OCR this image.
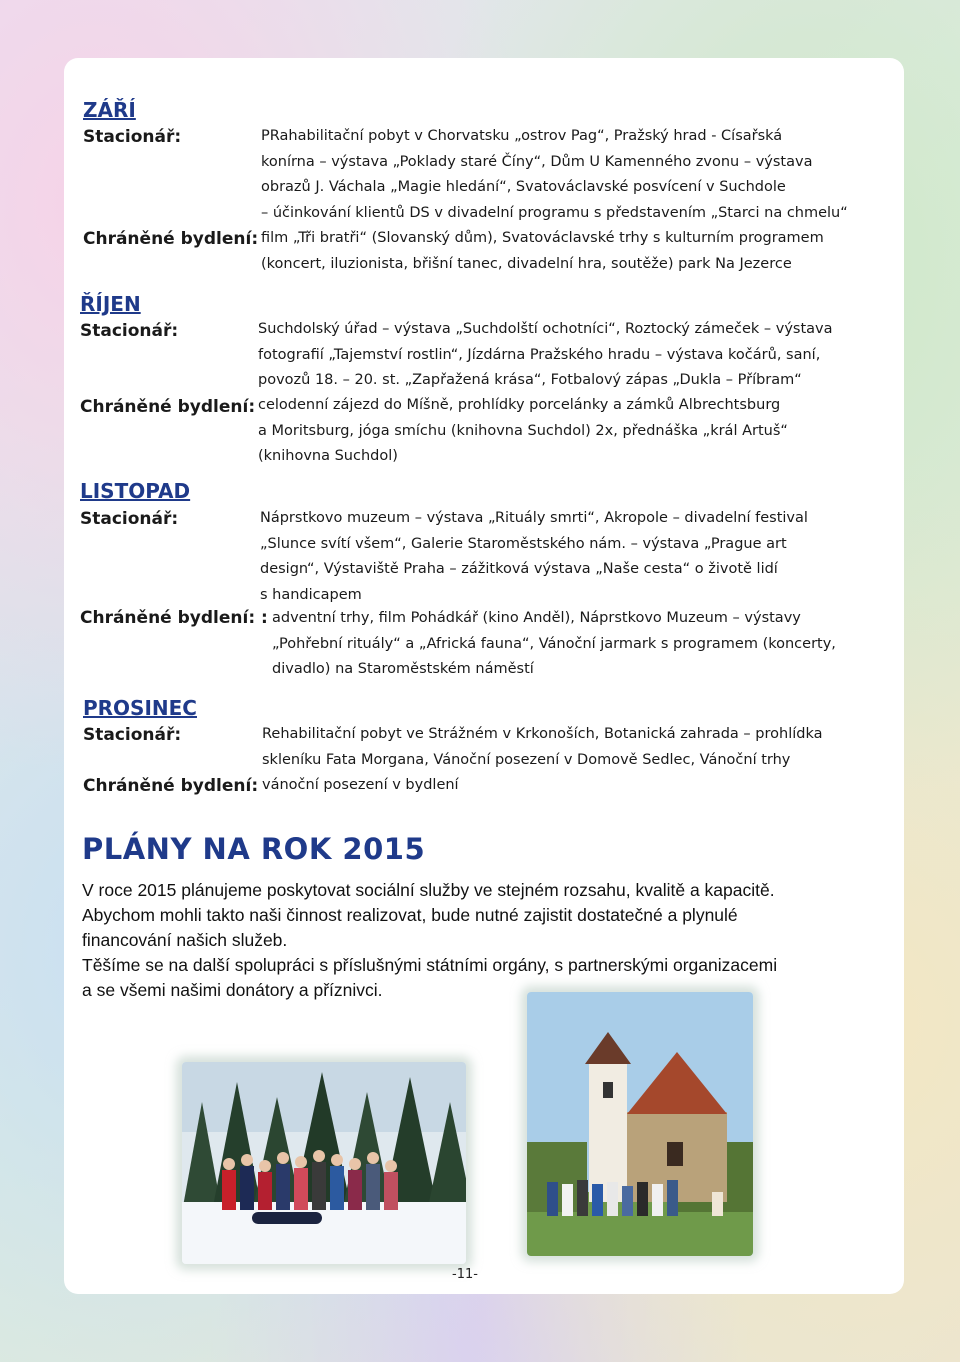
ZÁŘÍ
Stacionář:	PRahabilitační pobyt v Chorvatsku „ostrov Pag“, Pražský hrad - Císařská
konírna – výstava „Poklady staré Číny“, Dům U Kamenného zvonu – výstava
obrazů J. Váchala „Magie hledání“, Svatováclavské posvícení v Suchdole
– účinkování klientů DS v divadelní programu s představením „Starci na chmelu“
Chráněné bydlení: film „Tři bratři“ (Slovanský dům), Svatováclavské trhy s kulturním programem
(koncert, iluzionista, břišní tanec, divadelní hra, soutěže) park Na Jezerce
ŘÍJEN
Stacionář:	Suchdolský úřad – výstava „Suchdolští ochotníci“, Roztocký zámeček – výstava
fotografií „Tajemství rostlin“, Jízdárna Pražského hradu – výstava kočárů, saní,
povozů 18. – 20. st. „Zapřažená krása“, Fotbalový zápas „Dukla – Příbram“
Chráněné bydlení: celodenní zájezd do Míšně, prohlídky porcelánky a zámků Albrechtsburg
a Moritsburg, jóga smíchu (knihovna Suchdol) 2x, přednáška „král Artuš“
(knihovna Suchdol)
LISTOPAD
Stacionář:	Náprstkovo muzeum – výstava „Rituály smrti“, Akropole – divadelní festival
„Slunce svítí všem“, Galerie Staroměstského nám. – výstava „Prague art
design“, Výstaviště Praha – zážitková výstava „Naše cesta“ o životě lidí
s handicapem
Chráněné bydlení: : adventní trhy, film Pohádkář (kino Anděl), Náprstkovo Muzeum – výstavy
„Pohřební rituály“ a „Africká fauna“, Vánoční jarmark s programem (koncerty,
divadlo) na Staroměstském náměstí
PROSINEC
Stacionář:	Rehabilitační pobyt ve Strážném v Krkonoších, Botanická zahrada – prohlídka
skleníku Fata Morgana, Vánoční posezení v Domově Sedlec, Vánoční trhy
Chráněné bydlení: vánoční posezení v bydlení
PLÁNY NA ROK 2015
V roce 2015 plánujeme poskytovat sociální služby ve stejném rozsahu, kvalitě a kapacitě.
Abychom mohli takto naši činnost realizovat, bude nutné zajistit dostatečné a plynulé
financování našich služeb.
Těšíme se na další spolupráci s příslušnými státními orgány, s partnerskými organizacemi
a se všemi našimi donátory a příznivci.
-11-
